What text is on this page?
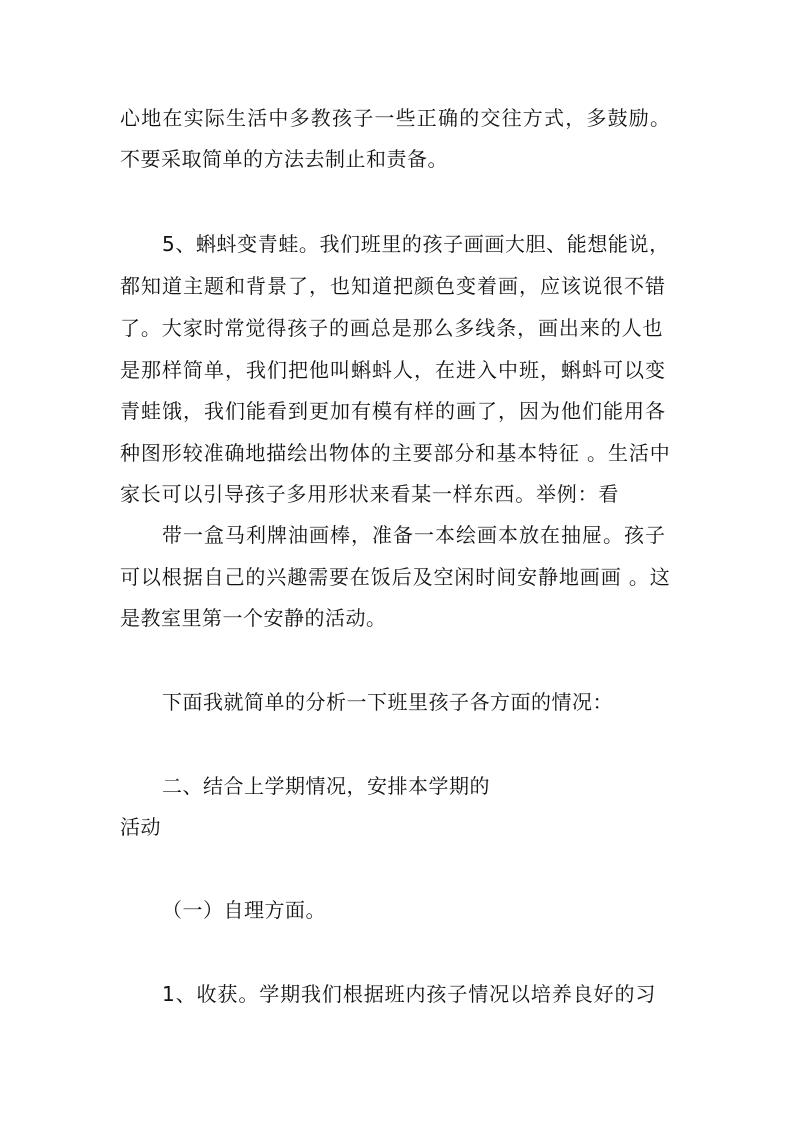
心地在实际生活中多教孩子一些正确的交往方式，多鼓励。
不要采取简单的方法去制止和责备。
5、蝌蚪变青蛙。我们班里的孩子画画大胆、能想能说，
都知道主题和背景了，也知道把颜色变着画，应该说很不错
了。大家时常觉得孩子的画总是那么多线条，画出来的人也
是那样简单，我们把他叫蝌蚪人，在进入中班，蝌蚪可以变
青蛙饿，我们能看到更加有模有样的画了，因为他们能用各
种图形较准确地描绘出物体的主要部分和基本特征 。生活中
家长可以引导孩子多用形状来看某一样东西。举例：看
带一盒马利牌油画棒，准备一本绘画本放在抽屉。孩子
可以根据自己的兴趣需要在饭后及空闲时间安静地画画 。这
是教室里第一个安静的活动。
下面我就简单的分析一下班里孩子各方面的情况：
二、结合上学期情况，安排本学期的
活动
（一）自理方面。
1、收获。学期我们根据班内孩子情况以培养良好的习
